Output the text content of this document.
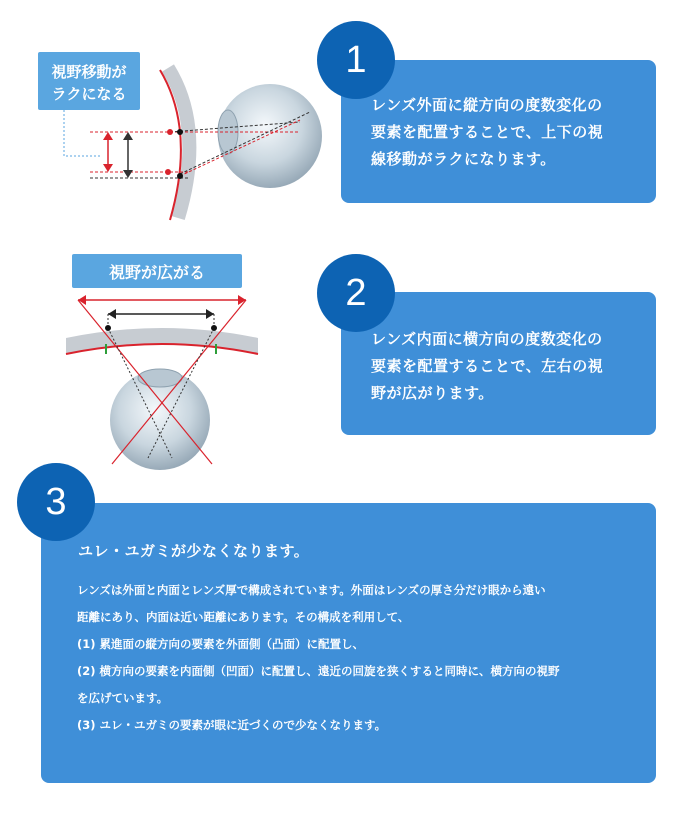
視野移動が
ラクになる
1
レンズ外面に縦方向の度数変化の
要素を配置することで、上下の視
線移動がラクになります。
視野が広がる	2
レンズ内面に横方向の度数変化の
要素を配置することで、左右の視
野が広がります。
3
ユレ・ユガミが少なくなります。

レンズは外面と内面とレンズ厚で構成されています。外面はレンズの厚さ分だけ眼から遠い

距離にあり、内面は近い距離にあります。その構成を利用して、

(1) 累進面の縦方向の要素を外面側（凸面）に配置し、

(2) 横方向の要素を内面側（凹面）に配置し、遠近の回旋を狭くすると同時に、横方向の視野

を広げています。

(3) ユレ・ユガミの要素が眼に近づくので少なくなります。
